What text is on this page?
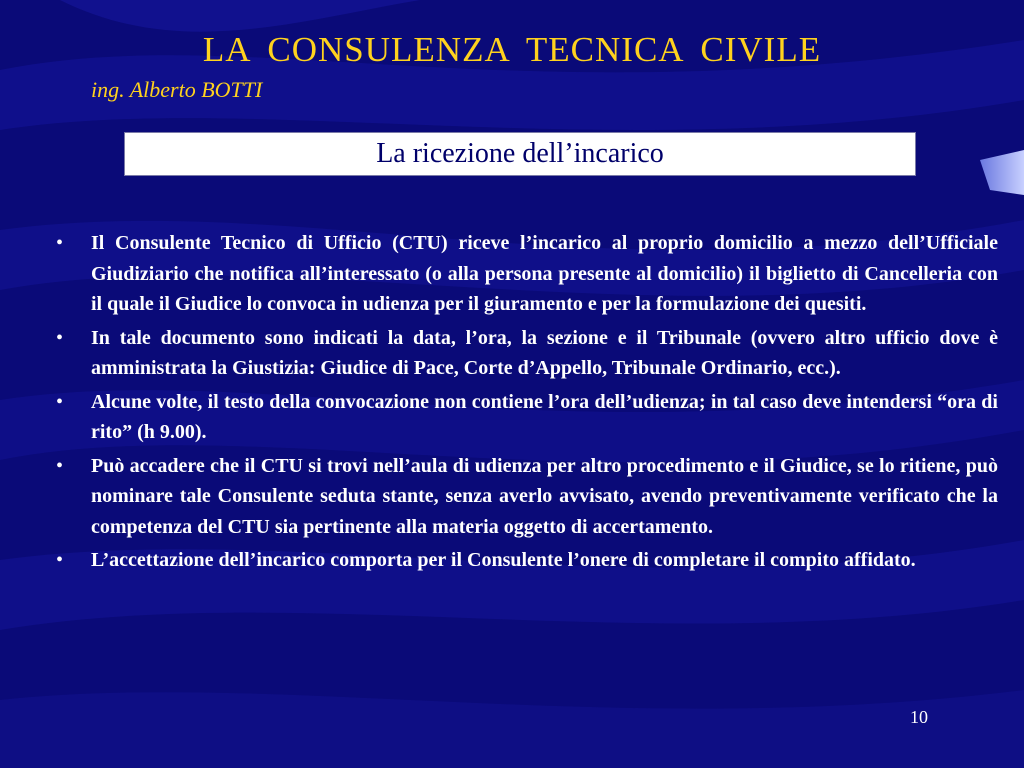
LA CONSULENZA TECNICA CIVILE
ing. Alberto BOTTI
La ricezione dell’incarico
• Il Consulente Tecnico di Ufficio (CTU) riceve l’incarico al proprio domicilio a mezzo dell’Ufficiale Giudiziario che notifica all’interessato (o alla persona presente al domicilio) il biglietto di Cancelleria con il quale il Giudice lo convoca in udienza per il giuramento e per la formulazione dei quesiti.
• In tale documento sono indicati la data, l’ora, la sezione e il Tribunale (ovvero altro ufficio dove è amministrata la Giustizia: Giudice di Pace, Corte d’Appello, Tribunale Ordinario, ecc.).
• Alcune volte, il testo della convocazione non contiene l’ora dell’udienza; in tal caso deve intendersi “ora di rito” (h 9.00).
• Può accadere che il CTU si trovi nell’aula di udienza per altro procedimento e il Giudice, se lo ritiene, può nominare tale Consulente seduta stante, senza averlo avvisato, avendo preventivamente verificato che la competenza del CTU sia pertinente alla materia oggetto di accertamento.
• L’accettazione dell’incarico comporta per il Consulente l’onere di completare il compito affidato.
10
